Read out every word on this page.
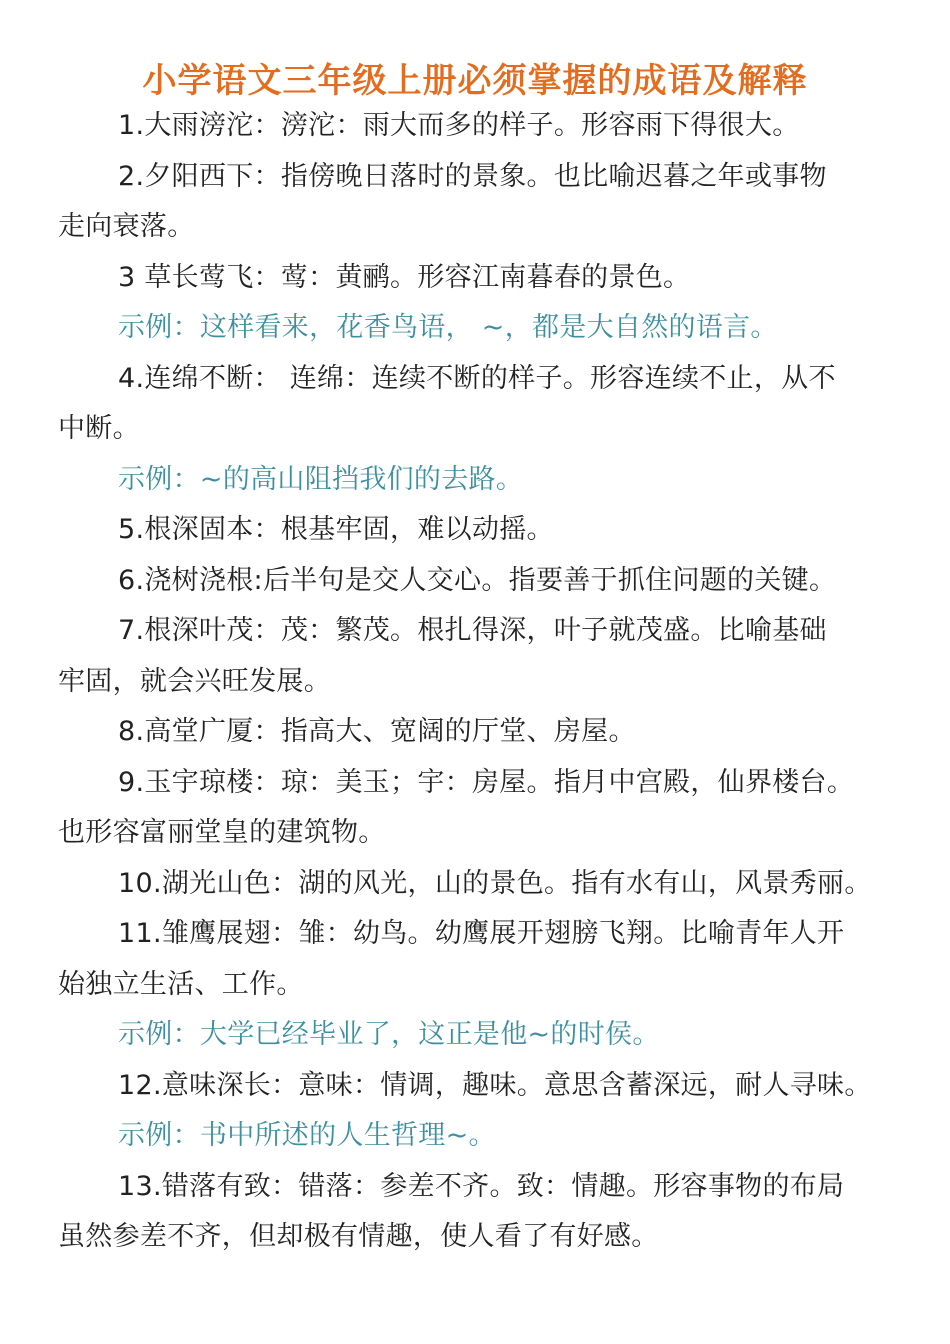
小学语文三年级上册必须掌握的成语及解释
1.大雨滂沱：滂沱：雨大而多的样子。形容雨下得很大。
2.夕阳西下：指傍晚日落时的景象。也比喻迟暮之年或事物
走向衰落。
3 草长莺飞：莺：黄鹂。形容江南暮春的景色。
示例：这样看来，花香鸟语， ~，都是大自然的语言。
4.连绵不断： 连绵：连续不断的样子。形容连续不止，从不
中断。
示例：~的高山阻挡我们的去路。
5.根深固本：根基牢固，难以动摇。
6.浇树浇根:后半句是交人交心。指要善于抓住问题的关键。
7.根深叶茂：茂：繁茂。根扎得深，叶子就茂盛。比喻基础
牢固，就会兴旺发展。
8.高堂广厦：指高大、宽阔的厅堂、房屋。
9.玉宇琼楼：琼：美玉；宇：房屋。指月中宫殿，仙界楼台。
也形容富丽堂皇的建筑物。
10.湖光山色：湖的风光，山的景色。指有水有山，风景秀丽。
11.雏鹰展翅：雏：幼鸟。幼鹰展开翅膀飞翔。比喻青年人开
始独立生活、工作。
示例：大学已经毕业了，这正是他~的时侯。
12.意味深长：意味：情调，趣味。意思含蓄深远，耐人寻味。
示例：书中所述的人生哲理~。
13.错落有致：错落：参差不齐。致：情趣。形容事物的布局
虽然参差不齐，但却极有情趣，使人看了有好感。
